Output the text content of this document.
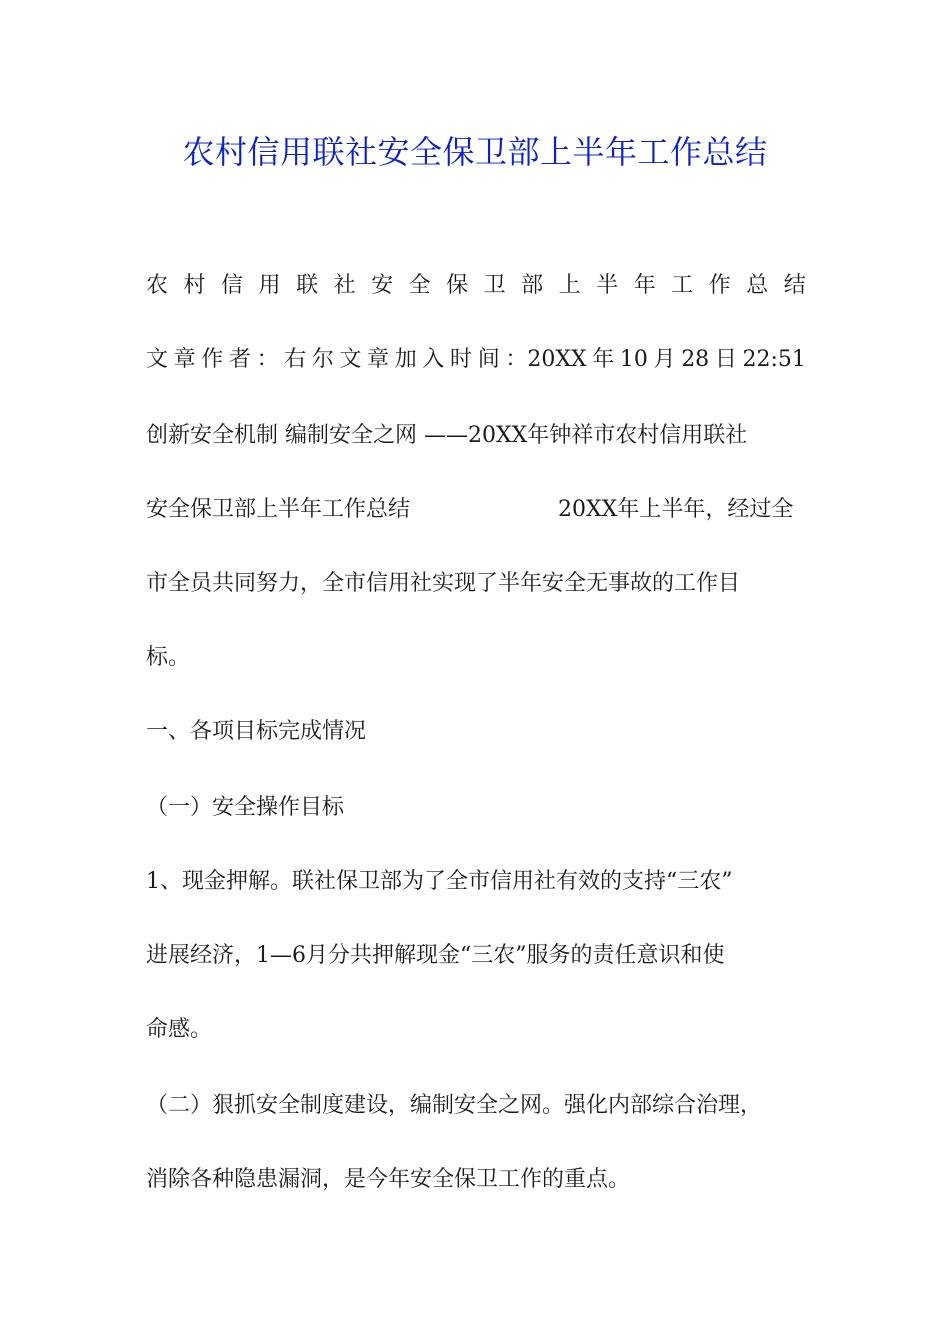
农村信用联社安全保卫部上半年工作总结
农 村 信 用 联 社 安 全 保 卫 部 上 半 年 工 作 总 结
文 章 作 者 ： 右 尔 文 章 加 入 时 间 ：20XX 年 10 月 28 日 22:51
创新安全机制 编制安全之网 ——20XX年钟祥市农村信用联社
安全保卫部上半年工作总结	20XX年上半年，经过全
市全员共同努力，全市信用社实现了半年安全无事故的工作目
标。
一、各项目标完成情况
（一）安全操作目标
1、现金押解。联社保卫部为了全市信用社有效的支持“三农”
进展经济，1—6月分共押解现金“三农”服务的责任意识和使
命感。
（二）狠抓安全制度建设，编制安全之网。强化内部综合治理，
消除各种隐患漏洞，是今年安全保卫工作的重点。
